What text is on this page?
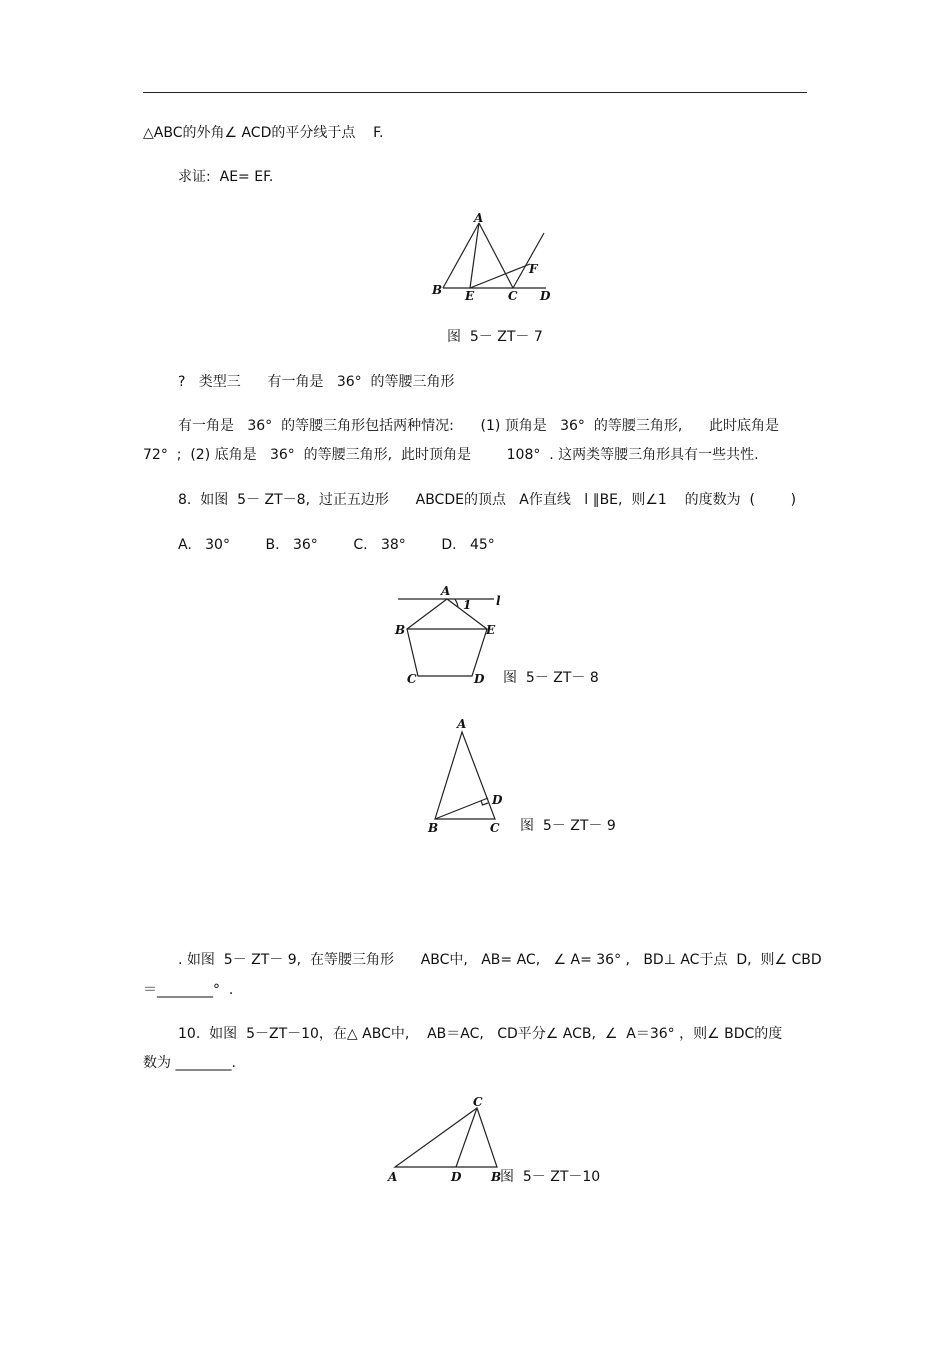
△ABC的外角∠ ACD的平分线于点    F.
求证:  AE= EF.
A
B E	C D
F
图  5－ ZT－ 7
?   类型三      有一角是   36°  的等腰三角形
有一角是   36°  的等腰三角形包括两种情况:      (1) 顶角是   36°  的等腰三角形,      此时底角是
72°  ;  (2) 底角是   36°  的等腰三角形,  此时顶角是        108°  . 这两类等腰三角形具有一些共性.
8.  如图  5－ ZT－8,  过正五边形      ABCDE的顶点   A作直线   l ∥BE,  则∠1    的度数为  (        )
A.   30°        B.   36°        C.   38°        D.   45°
A
1 l
B	E
C	D 图  5－ ZT－ 8
A
B	C
D
图  5－ ZT－ 9
. 如图  5－ ZT－ 9,  在等腰三角形      ABC中,   AB= AC,   ∠ A= 36° ,   BD⊥ AC于点  D,  则∠ CBD
＝________°  .
10.  如图  5－ZT－10，在△ ABC中,    AB＝AC,   CD平分∠ ACB,  ∠  A＝36° ，则∠ BDC的度
数为 ________.
C
A	D B
图  5－ ZT－10
